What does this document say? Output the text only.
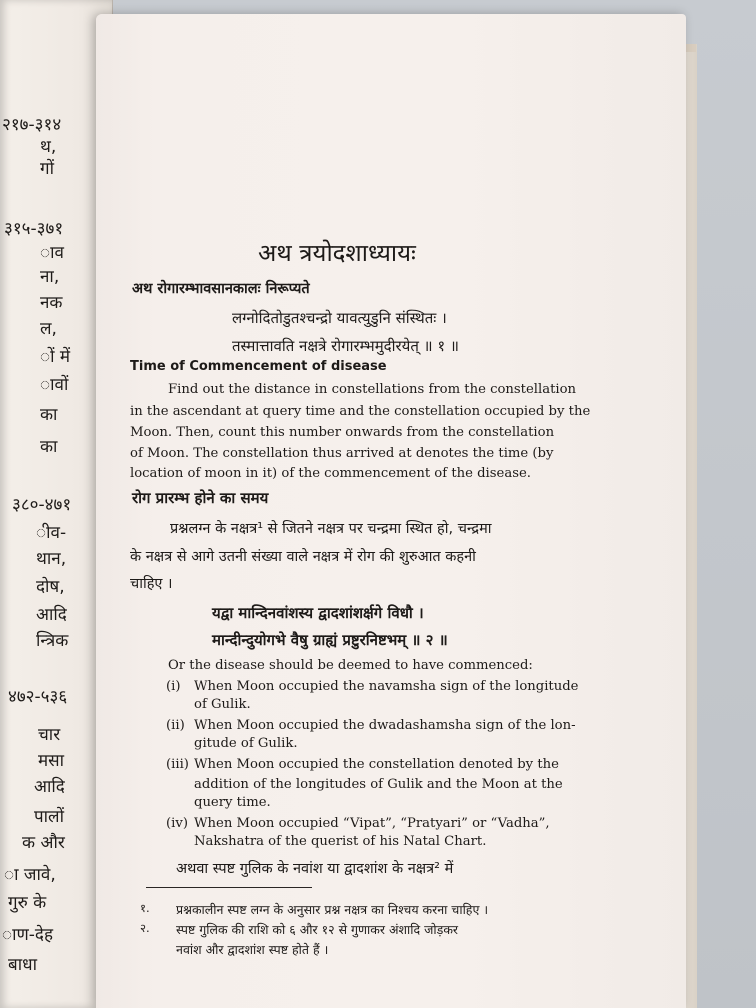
२१७-३१४
थ,
गों
३१५-३७१
ाव
ना,
नक
ल,
ों में
ावों
का
का
३८०-४७१
ीव-
थान,
दोष,
आदि
न्त्रिक
४७२-५३६
चार
मसा
आदि
पालों
क और
ा जावे,
गुरु के
ाण-देह
बाधा
अथ त्रयोदशाध्यायः
अथ रोगारम्भावसानकालः निरूप्यते
लग्नोदितोडुतश्चन्द्रो यावत्युडुनि संस्थितः ।
तस्मात्तावति नक्षत्रे रोगारम्भमुदीरयेत् ॥ १ ॥
Time of Commencement of disease
Find out the distance in constellations from the constellation
in the ascendant at query time and the constellation occupied by the
Moon. Then, count this number onwards from the constellation
of Moon. The constellation thus arrived at denotes the time (by
location of moon in it) of the commencement of the disease.
रोग प्रारम्भ होने का समय
प्रश्नलग्न के नक्षत्र¹ से जितने नक्षत्र पर चन्द्रमा स्थित हो, चन्द्रमा
के नक्षत्र से आगे उतनी संख्या वाले नक्षत्र में रोग की शुरुआत कहनी
चाहिए ।
यद्वा मान्दिनवांशस्य द्वादशांशर्क्षगे विधौ ।
मान्दीन्दुयोगभे वैषु ग्राह्यं प्रष्टुरनिष्टभम् ॥ २ ॥
Or the disease should be deemed to have commenced:
(i) When Moon occupied the navamsha sign of the longitude
of Gulik.
(ii) When Moon occupied the dwadashamsha sign of the lon-
gitude of Gulik.
(iii) When Moon occupied the constellation denoted by the
addition of the longitudes of Gulik and the Moon at the
query time.
(iv) When Moon occupied “Vipat”, “Pratyari” or “Vadha”,
Nakshatra of the querist of his Natal Chart.
अथवा स्पष्ट गुलिक के नवांश या द्वादशांश के नक्षत्र² में
१. प्रश्नकालीन स्पष्ट लग्न के अनुसार प्रश्न नक्षत्र का निश्चय करना चाहिए ।
२. स्पष्ट गुलिक की राशि को ६ और १२ से गुणाकर अंशादि जोड़कर
नवांश और द्वादशांश स्पष्ट होते हैं ।
